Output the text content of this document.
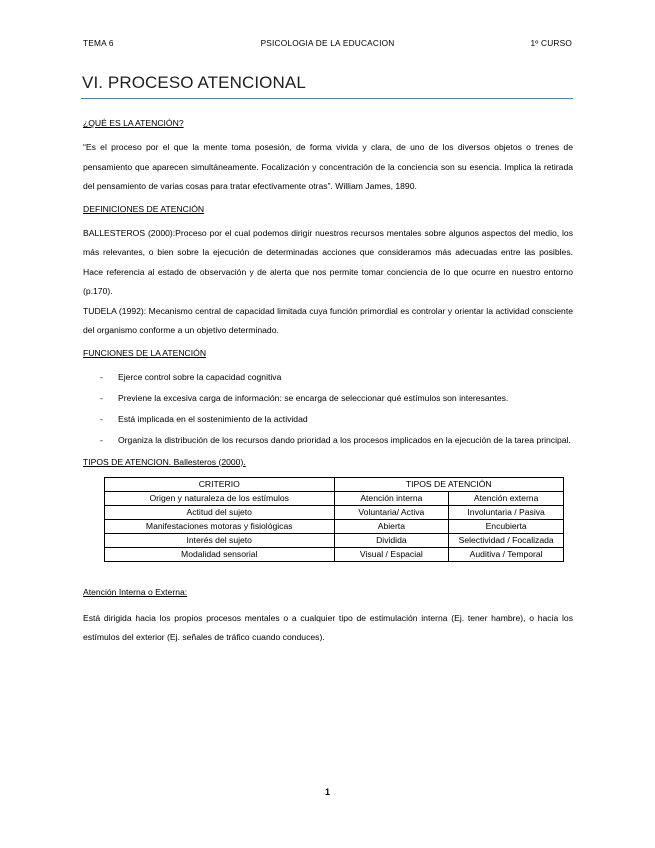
TEMA 6	PSICOLOGIA DE LA EDUCACION	1º CURSO
VI. PROCESO ATENCIONAL
¿QUÉ ES LA ATENCIÓN?

“Es el proceso por el que la mente toma posesión, de forma vivida y clara, de uno de los diversos objetos o trenes de pensamiento que aparecen simultáneamente. Focalización y concentración de la conciencia son su esencia. Implica la retirada del pensamiento de varias cosas para tratar efectivamente otras”. William James, 1890.

DEFINICIONES DE ATENCIÓN

BALLESTEROS (2000):Proceso por el cual podemos dirigir nuestros recursos mentales sobre algunos aspectos del medio, los más relevantes, o bien sobre la ejecución de determinadas acciones que consideramos más adecuadas entre las posibles. Hace referencia al estado de observación y de alerta que nos permite tomar conciencia de lo que ocurre en nuestro entorno (p.170).

TUDELA (1992): Mecanismo central de capacidad limitada cuya función primordial es controlar y orientar la actividad consciente del organismo conforme a un objetivo determinado.

FUNCIONES DE LA ATENCIÓN
- Ejerce control sobre la capacidad cognitiva
- Previene la excesiva carga de información: se encarga de seleccionar qué estímulos son interesantes.
- Está implicada en el sostenimiento de la actividad
- Organiza la distribución de los recursos dando prioridad a los procesos implicados en la ejecución de la tarea principal.
TIPOS DE ATENCION. Ballesteros (2000).
CRITERIO	TIPOS DE ATENCIÓN	
Origen y naturaleza de los estímulos	Atención interna	Atención externa
Actitud del sujeto	Voluntaria/ Activa	Involuntaria / Pasiva
Manifestaciones motoras y fisiológicas	Abierta	Encubierta
Interés del sujeto	Dividida	Selectividad / Focalizada
Modalidad sensorial	Visual / Espacial	Auditiva / Temporal
Atención Interna o Externa:

Está dirigida hacia los propios procesos mentales o a cualquier tipo de estimulación interna (Ej. tener hambre), o hacia los estímulos del exterior (Ej. señales de tráfico cuando conduces).

1
